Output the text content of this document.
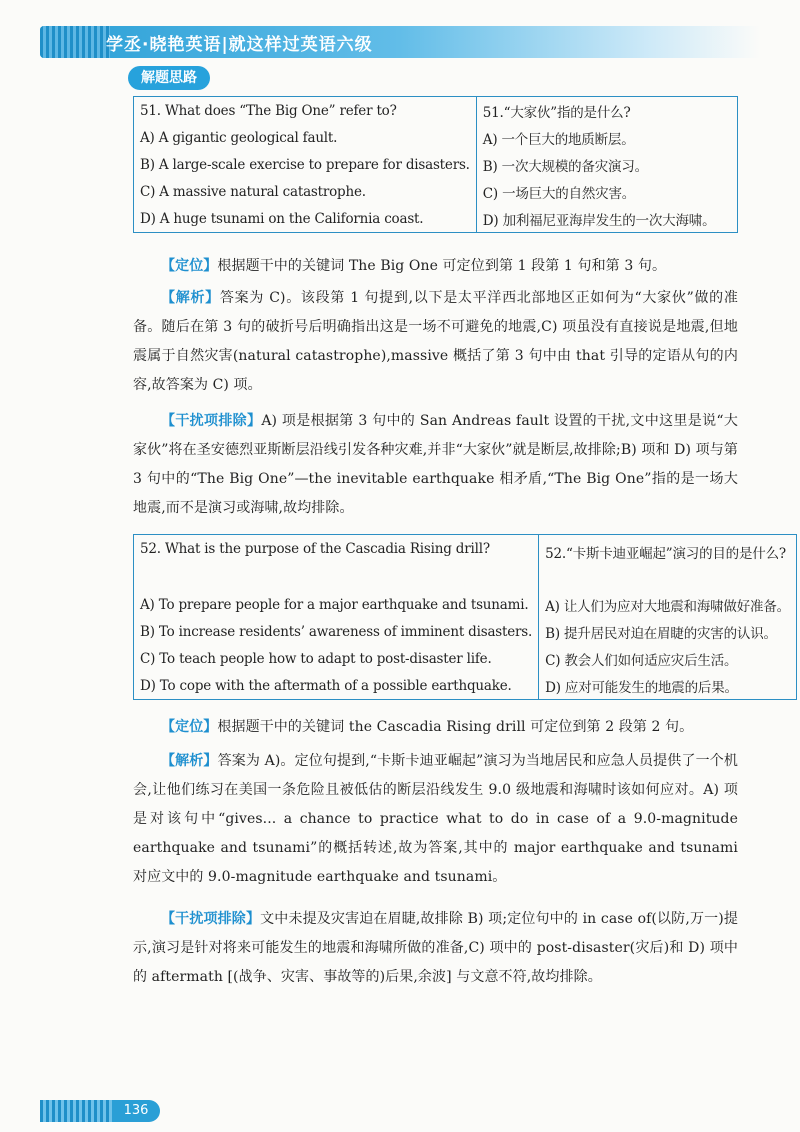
学丞·晓艳英语|就这样过英语六级
解题思路
51. What does “The Big One” refer to?	51.“大家伙”指的是什么?
A) A gigantic geological fault.	A) 一个巨大的地质断层。
B) A large-scale exercise to prepare for disasters.	B) 一次大规模的备灾演习。
C) A massive natural catastrophe.	C) 一场巨大的自然灾害。
D) A huge tsunami on the California coast.	D) 加利福尼亚海岸发生的一次大海啸。
【定位】根据题干中的关键词 The Big One 可定位到第 1 段第 1 句和第 3 句。
【解析】答案为 C)。该段第 1 句提到,以下是太平洋西北部地区正如何为“大家伙”做的准备。随后在第 3 句的破折号后明确指出这是一场不可避免的地震,C) 项虽没有直接说是地震,但地震属于自然灾害(natural catastrophe),massive 概括了第 3 句中由 that 引导的定语从句的内容,故答案为 C) 项。
【干扰项排除】A) 项是根据第 3 句中的 San Andreas fault 设置的干扰,文中这里是说“大家伙”将在圣安德烈亚斯断层沿线引发各种灾难,并非“大家伙”就是断层,故排除;B) 项和 D) 项与第 3 句中的“The Big One”—the inevitable earthquake 相矛盾,“The Big One”指的是一场大地震,而不是演习或海啸,故均排除。
52. What is the purpose of the Cascadia Rising drill?	52.“卡斯卡迪亚崛起”演习的目的是什么?
A) To prepare people for a major earthquake and tsunami.	A) 让人们为应对大地震和海啸做好准备。
B) To increase residents’ awareness of imminent disasters.	B) 提升居民对迫在眉睫的灾害的认识。
C) To teach people how to adapt to post-disaster life.	C) 教会人们如何适应灾后生活。
D) To cope with the aftermath of a possible earthquake.	D) 应对可能发生的地震的后果。
【定位】根据题干中的关键词 the Cascadia Rising drill 可定位到第 2 段第 2 句。
【解析】答案为 A)。定位句提到,“卡斯卡迪亚崛起”演习为当地居民和应急人员提供了一个机会,让他们练习在美国一条危险且被低估的断层沿线发生 9.0 级地震和海啸时该如何应对。A) 项是对该句中“gives... a chance to practice what to do in case of a 9.0-magnitude earthquake and tsunami”的概括转述,故为答案,其中的 major earthquake and tsunami 对应文中的 9.0-magnitude earthquake and tsunami。
【干扰项排除】文中未提及灾害迫在眉睫,故排除 B) 项;定位句中的 in case of(以防,万一)提示,演习是针对将来可能发生的地震和海啸所做的准备,C) 项中的 post-disaster(灾后)和 D) 项中的 aftermath [(战争、灾害、事故等的)后果,余波] 与文意不符,故均排除。
136
